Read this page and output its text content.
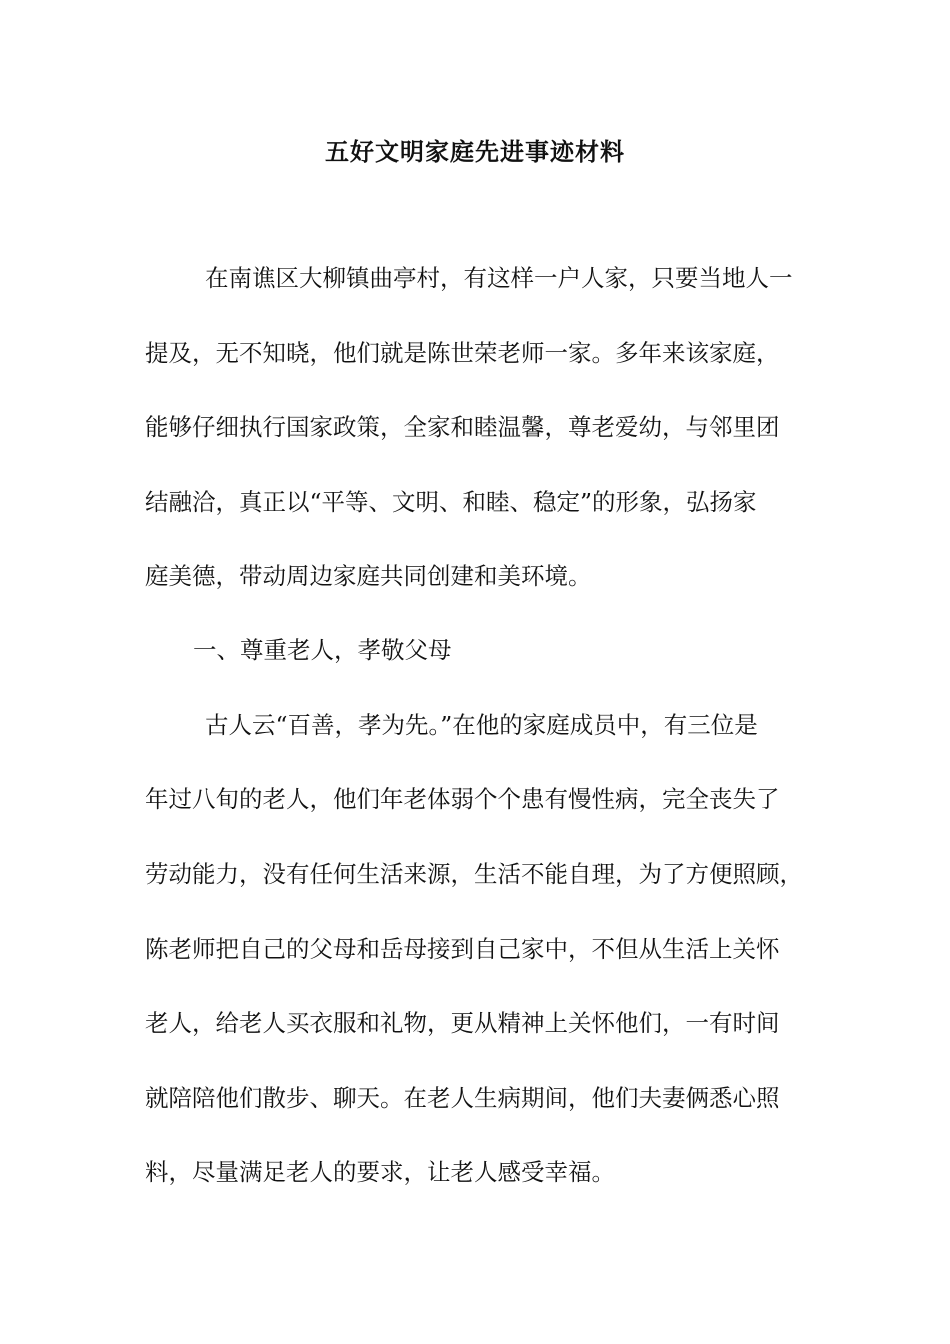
五好文明家庭先进事迹材料

在南谯区大柳镇曲亭村，有这样一户人家，只要当地人一

提及，无不知晓，他们就是陈世荣老师一家。多年来该家庭，

能够仔细执行国家政策，全家和睦温馨，尊老爱幼，与邻里团

结融洽，真正以“平等、文明、和睦、稳定”的形象，弘扬家

庭美德，带动周边家庭共同创建和美环境。

一、尊重老人，孝敬父母

古人云“百善，孝为先。”在他的家庭成员中，有三位是

年过八旬的老人，他们年老体弱个个患有慢性病，完全丧失了

劳动能力，没有任何生活来源，生活不能自理，为了方便照顾，

陈老师把自己的父母和岳母接到自己家中，不但从生活上关怀

老人，给老人买衣服和礼物，更从精神上关怀他们，一有时间

就陪陪他们散步、聊天。在老人生病期间，他们夫妻俩悉心照

料，尽量满足老人的要求，让老人感受幸福。
